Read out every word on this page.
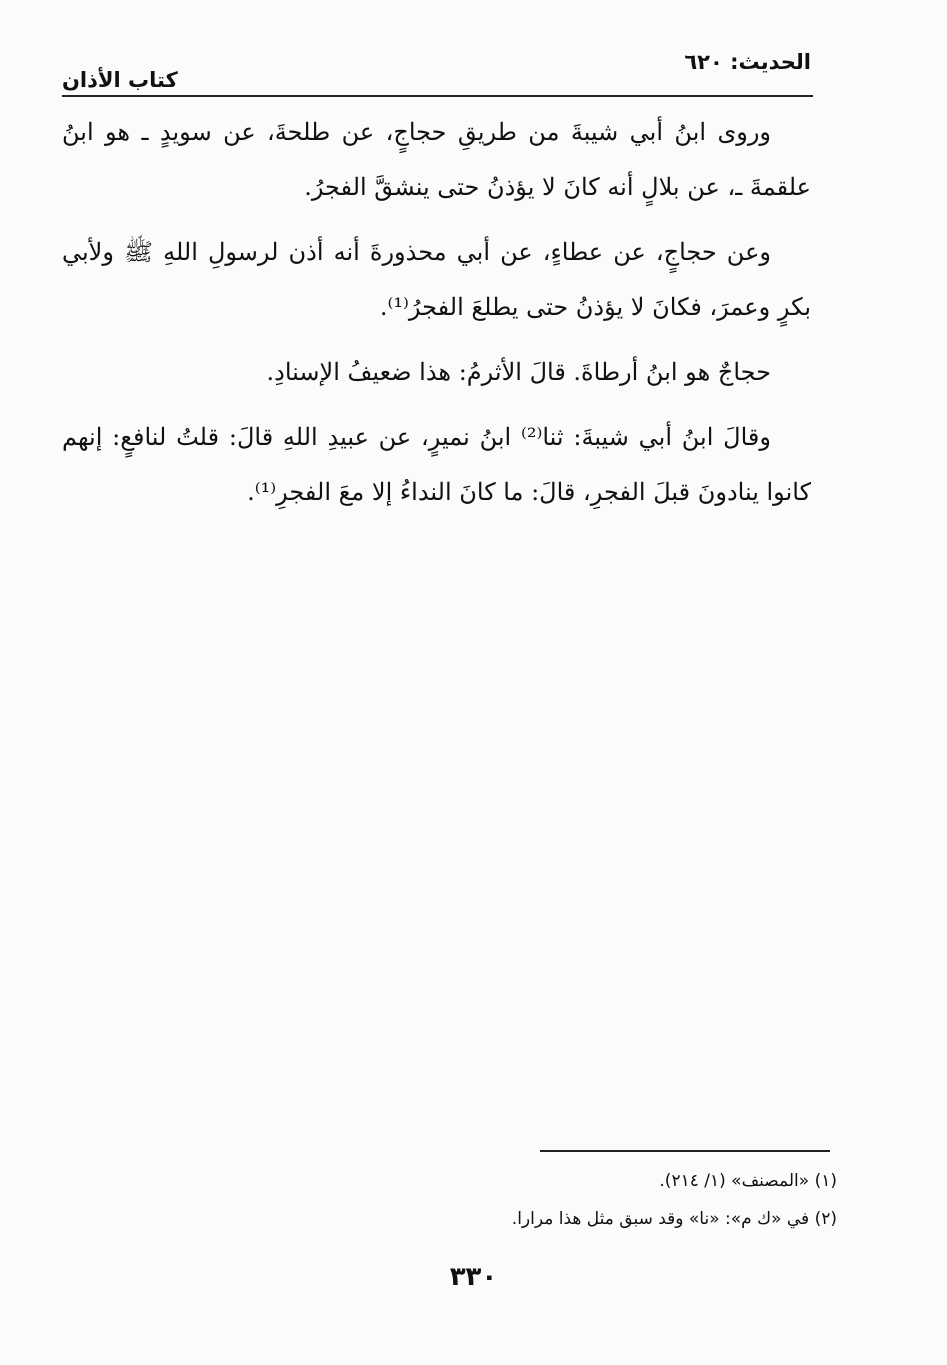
الحديث: ٦٢٠
كتاب الأذان

وروى ابنُ أبي شيبةَ من طريقِ حجاجٍ، عن طلحةَ، عن سويدٍ ـ هو ابنُ علقمةَ ـ، عن بلالٍ أنه كانَ لا يؤذنُ حتى ينشقَّ الفجرُ.

وعن حجاجٍ، عن عطاءٍ، عن أبي محذورةَ أنه أذن لرسولِ اللهِ ﷺ ولأبي بكرٍ وعمرَ، فكانَ لا يؤذنُ حتى يطلعَ الفجرُ⁽¹⁾.

حجاجٌ هو ابنُ أرطاةَ. قالَ الأثرمُ: هذا ضعيفُ الإسنادِ.

وقالَ ابنُ أبي شيبةَ: ثنا⁽²⁾ ابنُ نميرٍ، عن عبيدِ اللهِ قالَ: قلتُ لنافعٍ: إنهم كانوا ينادونَ قبلَ الفجرِ، قالَ: ما كانَ النداءُ إلا معَ الفجرِ⁽¹⁾.

(١) «المصنف» (١/ ٢١٤).
(٢) في «ك م»: «نا» وقد سبق مثل هذا مرارا.
٣٣٠
